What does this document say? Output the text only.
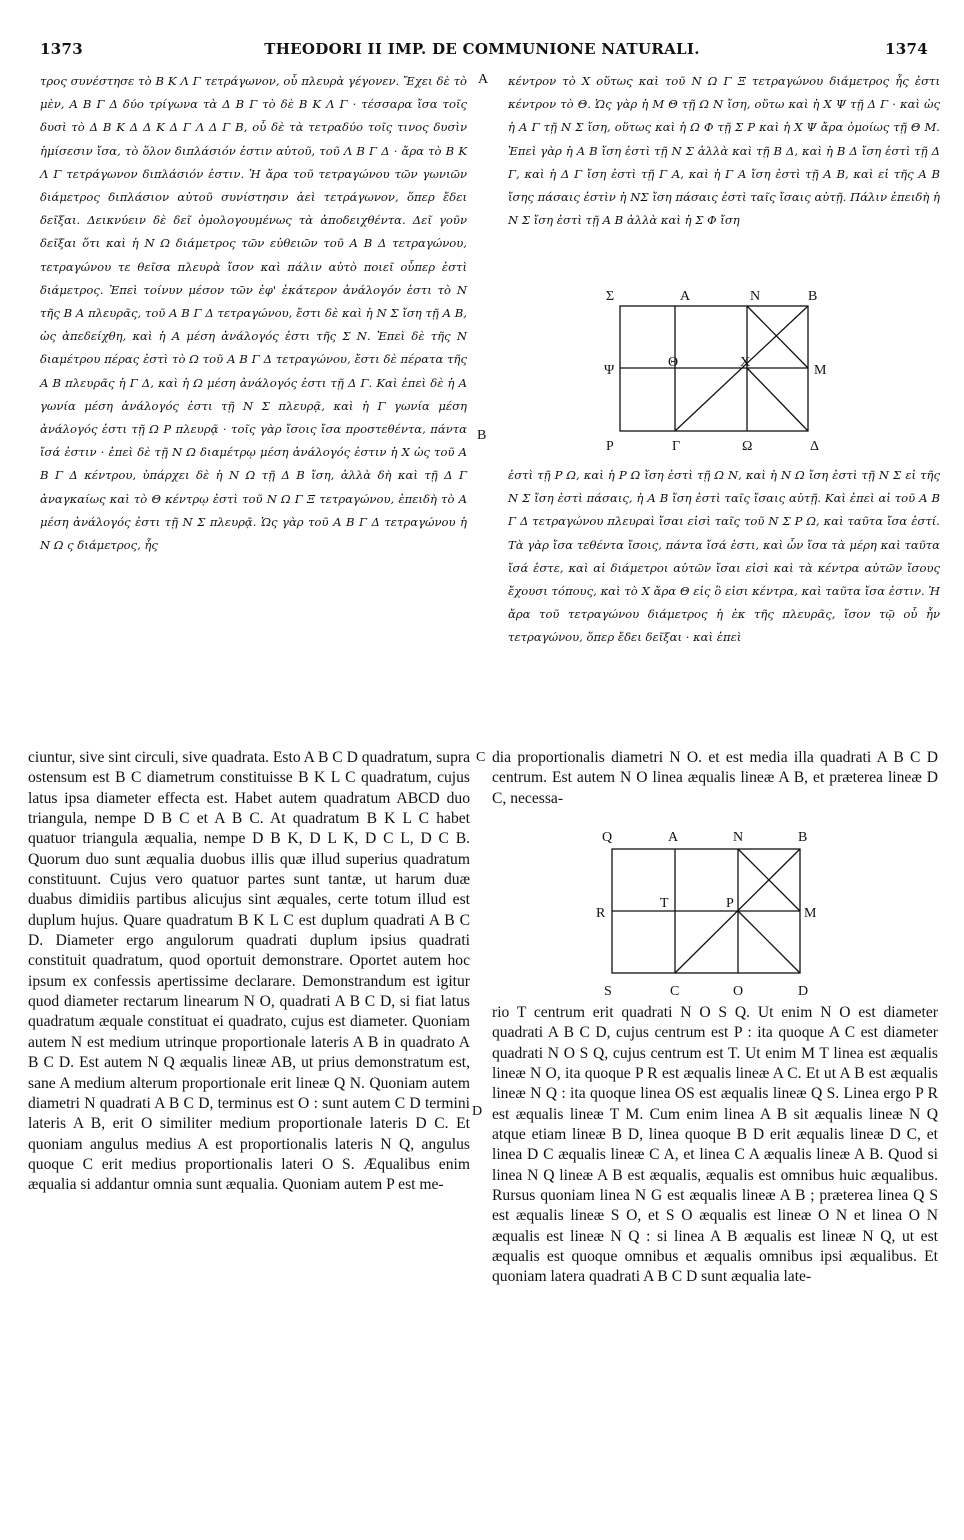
1373	THEODORI II IMP. DE COMMUNIONE NATURALI.	1374

τρος συνέστησε τὸ Β Κ Λ Γ τετράγωνον, οὗ πλευρὰ γέγονεν. Ἔχει δὲ τὸ μὲν, Α Β Γ Δ δύο τρίγωνα τὰ Δ Β Γ τὸ δὲ Β Κ Λ Γ · τέσσαρα ἴσα τοῖς δυσὶ τὸ Δ Β Κ Δ Δ Κ Δ Γ Λ Δ Γ Β, οὗ δὲ τὰ τετραδύο τοῖς τινος δυσὶν ἡμίσεσιν ἴσα, τὸ ὅλον διπλάσιόν ἐστιν αὐτοῦ, τοῦ Λ Β Γ Δ · ἄρα τὸ Β Κ Λ Γ τετράγωνον διπλάσιόν ἐστιν. Ἡ ἄρα τοῦ τετραγώνου τῶν γωνιῶν διάμετρος διπλάσιον αὐτοῦ συνίστησιν ἀεὶ τετράγωνον, ὅπερ ἔδει δεῖξαι. Δεικνύειν δὲ δεῖ ὁμολογουμένως τὰ ἀποδειχθέντα. Δεῖ γοῦν δεῖξαι ὅτι καὶ ἡ Ν Ω διάμετρος τῶν εὐθειῶν τοῦ Α Β Δ τετραγώνου, τετραγώνου τε θεῖσα πλευρὰ ἴσον καὶ πάλιν αὐτὸ ποιεῖ οὗπερ ἐστὶ διάμετρος. Ἐπεὶ τοίνυν μέσον τῶν ἐφ' ἑκάτερον ἀνάλογόν ἐστι τὸ Ν τῆς Β Α πλευρᾶς, τοῦ Α Β Γ Δ τετραγώνου, ἔστι δὲ καὶ ἡ Ν Σ ἴση τῇ Α Β, ὡς ἀπεδείχθη, καὶ ἡ Α μέση ἀνάλογός ἐστι τῆς Σ Ν. Ἐπεὶ δὲ τῆς Ν διαμέτρου πέρας ἐστὶ τὸ Ω τοῦ Α Β Γ Δ τετραγώνου, ἔστι δὲ πέρατα τῆς Α Β πλευρᾶς ἡ Γ Δ, καὶ ἡ Ω μέση ἀνάλογός ἐστι τῇ Δ Γ. Καὶ ἐπεὶ δὲ ἡ Α γωνία μέση ἀνάλογός ἐστι τῇ Ν Σ πλευρᾷ, καὶ ἡ Γ γωνία μέση ἀνάλογός ἐστι τῇ Ω Ρ πλευρᾷ · τοῖς γὰρ ἴσοις ἴσα προστεθέντα, πάντα ἴσά ἐστιν · ἐπεὶ δὲ τῇ Ν Ω διαμέτρῳ μέση ἀνάλογός ἐστιν ἡ Χ ὡς τοῦ Α Β Γ Δ κέντρου, ὑπάρχει δὲ ἡ Ν Ω τῇ Δ Β ἴση, ἀλλὰ δὴ καὶ τῇ Δ Γ ἀναγκαίως καὶ τὸ Θ κέντρῳ ἐστὶ τοῦ Ν Ω Γ Ξ τετραγώνου, ἐπειδὴ τὸ Α μέση ἀνάλογός ἐστι τῇ Ν Σ πλευρᾷ. Ὡς γὰρ τοῦ Α Β Γ Δ τετραγώνου ἡ Ν Ω ς διάμετρος, ἧς

κέντρον τὸ Χ οὕτως καὶ τοῦ Ν Ω Γ Ξ τετραγώνου διάμετρος ἧς ἐστι κέντρον τὸ Θ. Ὡς γὰρ ἡ Μ Θ τῇ Ω Ν ἴση, οὕτω καὶ ἡ Χ Ψ τῇ Δ Γ · καὶ ὡς ἡ Α Γ τῇ Ν Σ ἴση, οὕτως καὶ ἡ Ω Φ τῇ Σ Ρ καὶ ἡ Χ Ψ ἄρα ὁμοίως τῇ Θ Μ. Ἐπεὶ γὰρ ἡ Α Β ἴση ἐστὶ τῇ Ν Σ ἀλλὰ καὶ τῇ Β Δ, καὶ ἡ Β Δ ἴση ἐστὶ τῇ Δ Γ, καὶ ἡ Δ Γ ἴση ἐστὶ τῇ Γ Α, καὶ ἡ Γ Α ἴση ἐστὶ τῇ Α Β, καὶ εἰ τῆς Α Β ἴσης πάσαις ἐστὶν ἡ ΝΣ ἴση πάσαις ἐστὶ ταῖς ἴσαις αὐτῇ. Πάλιν ἐπειδὴ ἡ Ν Σ ἴση ἐστὶ τῇ Α Β ἀλλὰ καὶ ἡ Σ Φ ἴση

ἐστὶ τῇ Ρ Ω, καὶ ἡ Ρ Ω ἴση ἐστὶ τῇ Ω Ν, καὶ ἡ Ν Ω ἴση ἐστὶ τῇ Ν Σ εἰ τῆς Ν Σ ἴση ἐστὶ πάσαις, ἡ Α Β ἴση ἐστὶ ταῖς ἴσαις αὐτῇ. Καὶ ἐπεὶ αἱ τοῦ Α Β Γ Δ τετραγώνου πλευραὶ ἴσαι εἰσὶ ταῖς τοῦ Ν Σ Ρ Ω, καὶ ταῦτα ἴσα ἐστί. Τὰ γὰρ ἴσα τεθέντα ἴσοις, πάντα ἴσά ἐστι, καὶ ὧν ἴσα τὰ μέρη καὶ ταῦτα ἴσά ἐστε, καὶ αἱ διάμετροι αὐτῶν ἴσαι εἰσὶ καὶ τὰ κέντρα αὐτῶν ἴσους ἔχουσι τόπους, καὶ τὸ Χ ἄρα Θ εἰς ὃ εἰσι κέντρα, καὶ ταῦτα ἴσα ἐστιν. Ἡ ἄρα τοῦ τετραγώνου διάμετρος ἡ ἐκ τῆς πλευρᾶς, ἴσον τῷ οὗ ἦν τετραγώνου, ὅπερ ἔδει δεῖξαι · καὶ ἐπεὶ

A
B
C
D
Σ	Α	Ν	Β
Ψ
Θ	Χ
Μ
Ρ	Γ	Ω	Δ

ciuntur, sive sint circuli, sive quadrata. Esto A B C D quadratum, supra ostensum est B C diametrum constituisse B K L C quadratum, cujus latus ipsa diameter effecta est. Habet autem quadratum ABCD duo triangula, nempe D B C et A B C. At quadratum B K L C habet quatuor triangula æqualia, nempe D B K, D L K, D C L, D C B. Quorum duo sunt æqualia duobus illis quæ illud superius quadratum constituunt. Cujus vero quatuor partes sunt tantæ, ut harum duæ duabus dimidiis partibus alicujus sint æquales, certe totum illud est duplum hujus. Quare quadratum B K L C est duplum quadrati A B C D. Diameter ergo angulorum quadrati duplum ipsius quadrati constituit quadratum, quod oportuit demonstrare. Oportet autem hoc ipsum ex confessis apertissime declarare. Demonstrandum est igitur quod diameter rectarum linearum N O, quadrati A B C D, si fiat latus quadratum æquale constituat ei quadrato, cujus est diameter. Quoniam autem N est medium utrinque proportionale lateris A B in quadrato A B C D. Est autem N Q æqualis lineæ AB, ut prius demonstratum est, sane A medium alterum proportionale erit lineæ Q N. Quoniam autem diametri N quadrati A B C D, terminus est O : sunt autem C D termini lateris A B, erit O similiter medium proportionale lateris D C. Et quoniam angulus medius A est proportionalis lateris N Q, angulus quoque C erit medius proportionalis lateri O S. Æqualibus enim æqualia si addantur omnia sunt æqualia. Quoniam autem P est me-

dia proportionalis diametri N O. et est media illa quadrati A B C D centrum. Est autem N O linea æqualis lineæ A B, et præterea lineæ D C, necessa-

rio T centrum erit quadrati N O S Q. Ut enim N O est diameter quadrati A B C D, cujus centrum est P : ita quoque A C est diameter quadrati N O S Q, cujus centrum est T. Ut enim M T linea est æqualis lineæ N O, ita quoque P R est æqualis lineæ A C. Et ut A B est æqualis lineæ N Q : ita quoque linea OS est æqualis lineæ Q S. Linea ergo P R est æqualis lineæ T M. Cum enim linea A B sit æqualis lineæ N Q atque etiam lineæ B D, linea quoque B D erit æqualis lineæ D C, et linea D C æqualis lineæ C A, et linea C A æqualis lineæ A B. Quod si linea N Q lineæ A B est æqualis, æqualis est omnibus huic æqualibus. Rursus quoniam linea N G est æqualis lineæ A B ; præterea linea Q S est æqualis lineæ S O, et S O æqualis est lineæ O N et linea O N æqualis est lineæ N Q : si linea A B æqualis est lineæ N Q, ut est æqualis est quoque omnibus et æqualis omnibus ipsi æqualibus. Et quoniam latera quadrati A B C D sunt æqualia late-

Q	A	N	B
R
T	P
M
S	C	O	D
